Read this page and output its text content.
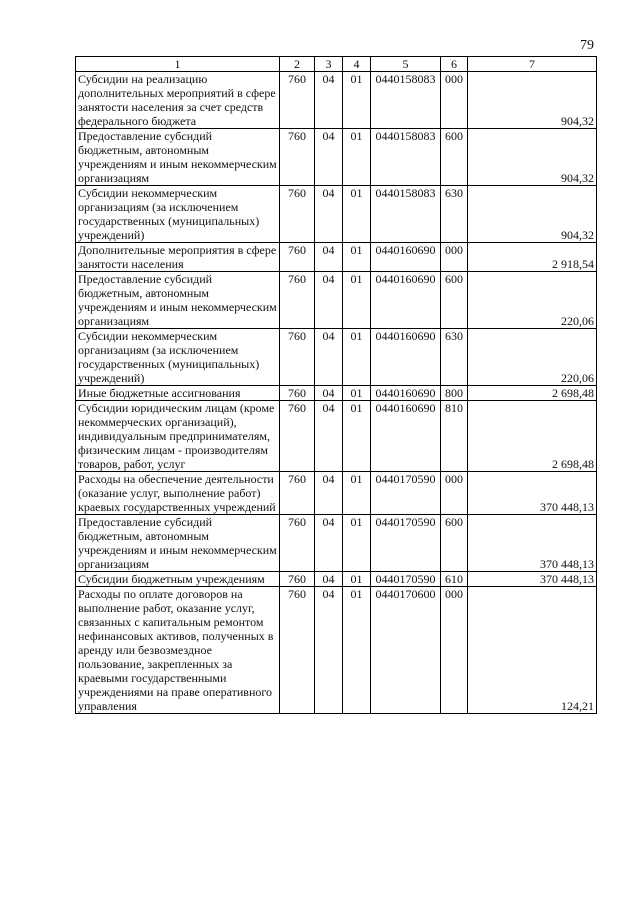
79
1	2	3	4	5	6	7
Субсидии на реализацию дополнительных мероприятий в сфере занятости населения за счет средств федерального бюджета	760	04	01	0440158083	000	904,32
Предоставление субсидий бюджетным, автономным учреждениям и иным некоммерческим организациям	760	04	01	0440158083	600	904,32
Субсидии некоммерческим организациям (за исключением государственных (муниципальных) учреждений)	760	04	01	0440158083	630	904,32
Дополнительные мероприятия в сфере занятости населения	760	04	01	0440160690	000	2 918,54
Предоставление субсидий бюджетным, автономным учреждениям и иным некоммерческим организациям	760	04	01	0440160690	600	220,06
Субсидии некоммерческим организациям (за исключением государственных (муниципальных) учреждений)	760	04	01	0440160690	630	220,06
Иные бюджетные ассигнования	760	04	01	0440160690	800	2 698,48
Субсидии юридическим лицам (кроме некоммерческих организаций), индивидуальным предпринимателям, физическим лицам - производителям товаров, работ, услуг	760	04	01	0440160690	810	2 698,48
Расходы на обеспечение деятельности (оказание услуг, выполнение работ) краевых государственных учреждений	760	04	01	0440170590	000	370 448,13
Предоставление субсидий бюджетным, автономным учреждениям и иным некоммерческим организациям	760	04	01	0440170590	600	370 448,13
Субсидии бюджетным учреждениям	760	04	01	0440170590	610	370 448,13
Расходы по оплате договоров на выполнение работ, оказание услуг, связанных с капитальным ремонтом нефинансовых активов, полученных в аренду или безвозмездное пользование, закрепленных за краевыми государственными учреждениями на праве оперативного управления	760	04	01	0440170600	000	124,21
